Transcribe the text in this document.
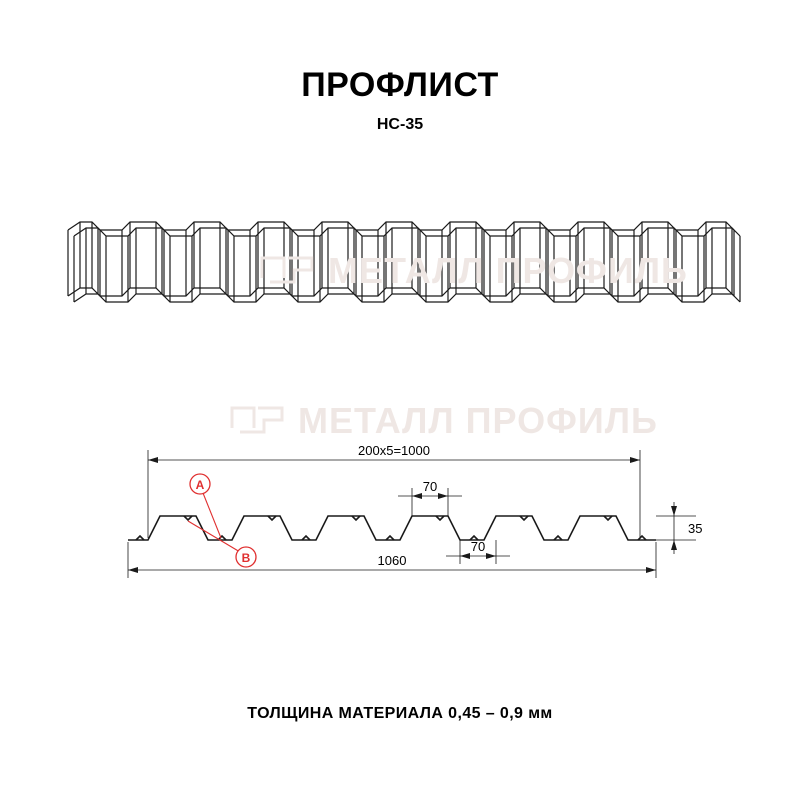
ПРОФЛИСТ
НС-35
МЕТАЛЛ ПРОФИЛЬ
МЕТАЛЛ ПРОФИЛЬ
200х5=1000
70
70
35
1060
A
B
ТОЛЩИНА МАТЕРИАЛА 0,45 – 0,9 мм
